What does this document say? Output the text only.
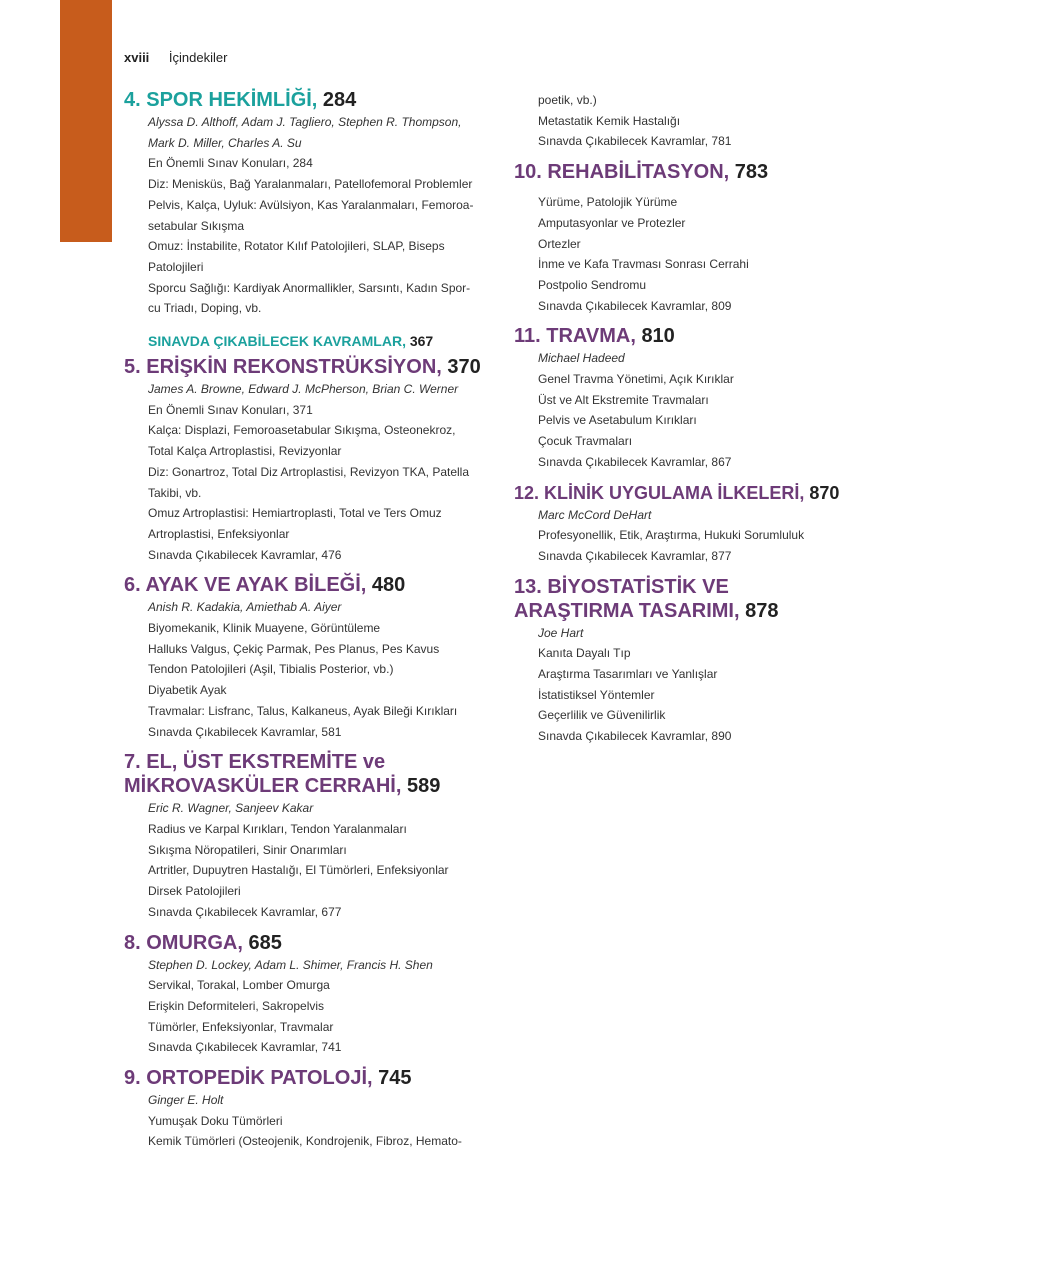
xviii İçindekiler
4. SPOR HEKİMLİĞİ, 284
Alyssa D. Althoff, Adam J. Tagliero, Stephen R. Thompson,
Mark D. Miller, Charles A. Su
En Önemli Sınav Konuları, 284
Diz: Menisküs, Bağ Yaralanmaları, Patellofemoral Problemler
Pelvis, Kalça, Uyluk: Avülsiyon, Kas Yaralanmaları, Femoroa-
setabular Sıkışma
Omuz: İnstabilite, Rotator Kılıf Patolojileri, SLAP, Biseps
Patolojileri
Sporcu Sağlığı: Kardiyak Anormallikler, Sarsıntı, Kadın Spor-
cu Triadı, Doping, vb.
SINAVDA ÇIKABİLECEK KAVRAMLAR, 367
5. ERİŞKİN REKONSTRÜKSİYON, 370
James A. Browne, Edward J. McPherson, Brian C. Werner
En Önemli Sınav Konuları, 371
Kalça: Displazi, Femoroasetabular Sıkışma, Osteonekroz,
Total Kalça Artroplastisi, Revizyonlar
Diz: Gonartroz, Total Diz Artroplastisi, Revizyon TKA, Patella
Takibi, vb.
Omuz Artroplastisi: Hemiartroplasti, Total ve Ters Omuz
Artroplastisi, Enfeksiyonlar
Sınavda Çıkabilecek Kavramlar, 476
6. AYAK VE AYAK BİLEĞİ, 480
Anish R. Kadakia, Amiethab A. Aiyer
Biyomekanik, Klinik Muayene, Görüntüleme
Halluks Valgus, Çekiç Parmak, Pes Planus, Pes Kavus
Tendon Patolojileri (Aşil, Tibialis Posterior, vb.)
Diyabetik Ayak
Travmalar: Lisfranc, Talus, Kalkaneus, Ayak Bileği Kırıkları
Sınavda Çıkabilecek Kavramlar, 581
7. EL, ÜST EKSTREMİTE ve
MİKROVASKÜLER CERRAHİ, 589
Eric R. Wagner, Sanjeev Kakar
Radius ve Karpal Kırıkları, Tendon Yaralanmaları
Sıkışma Nöropatileri, Sinir Onarımları
Artritler, Dupuytren Hastalığı, El Tümörleri, Enfeksiyonlar
Dirsek Patolojileri
Sınavda Çıkabilecek Kavramlar, 677
8. OMURGA, 685
Stephen D. Lockey, Adam L. Shimer, Francis H. Shen
Servikal, Torakal, Lomber Omurga
Erişkin Deformiteleri, Sakropelvis
Tümörler, Enfeksiyonlar, Travmalar
Sınavda Çıkabilecek Kavramlar, 741
9. ORTOPEDİK PATOLOJİ, 745
Ginger E. Holt
Yumuşak Doku Tümörleri
Kemik Tümörleri (Osteojenik, Kondrojenik, Fibroz, Hemato-
poetik, vb.)
Metastatik Kemik Hastalığı
Sınavda Çıkabilecek Kavramlar, 781
10. REHABİLİTASYON, 783
Yürüme, Patolojik Yürüme
Amputasyonlar ve Protezler
Ortezler
İnme ve Kafa Travması Sonrası Cerrahi
Postpolio Sendromu
Sınavda Çıkabilecek Kavramlar, 809
11. TRAVMA, 810
Michael Hadeed
Genel Travma Yönetimi, Açık Kırıklar
Üst ve Alt Ekstremite Travmaları
Pelvis ve Asetabulum Kırıkları
Çocuk Travmaları
Sınavda Çıkabilecek Kavramlar, 867
12. KLİNİK UYGULAMA İLKELERİ, 870
Marc McCord DeHart
Profesyonellik, Etik, Araştırma, Hukuki Sorumluluk
Sınavda Çıkabilecek Kavramlar, 877
13. BİYOSTATİSTİK VE
ARAŞTIRMA TASARIMI, 878
Joe Hart
Kanıta Dayalı Tıp
Araştırma Tasarımları ve Yanlışlar
İstatistiksel Yöntemler
Geçerlilik ve Güvenilirlik
Sınavda Çıkabilecek Kavramlar, 890
